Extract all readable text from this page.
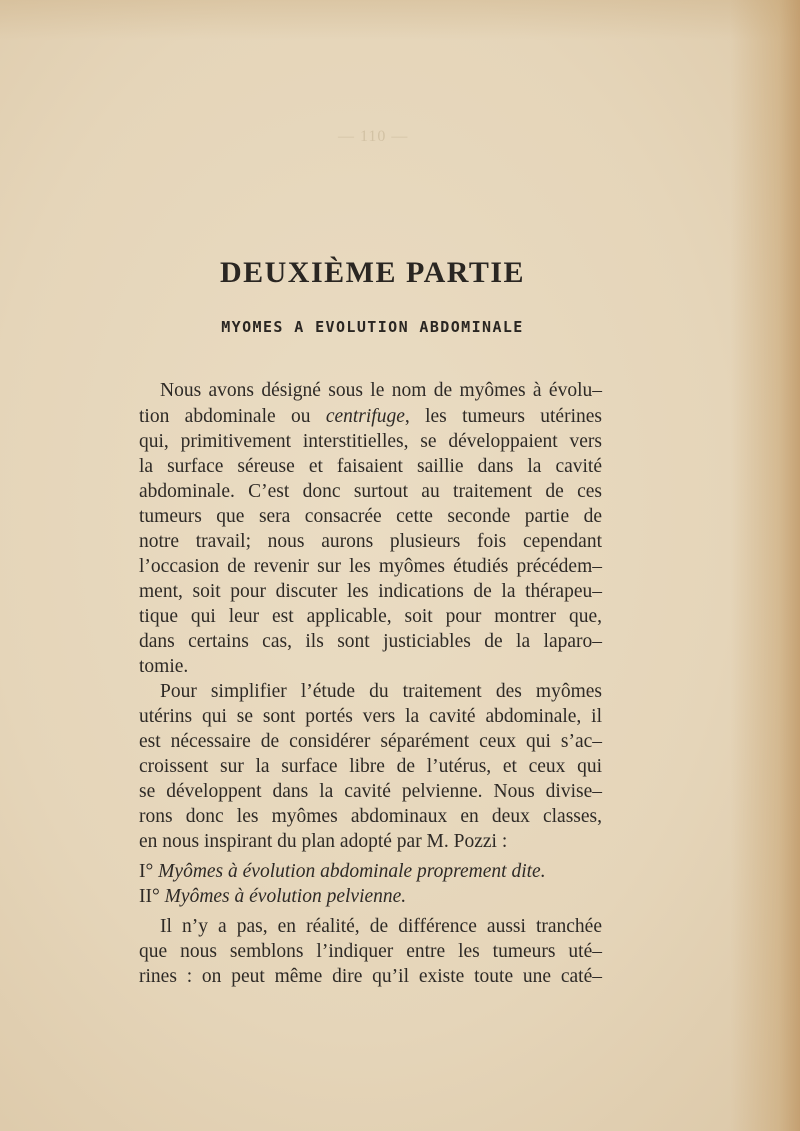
— 110 —
DEUXIÈME PARTIE
MYOMES A EVOLUTION ABDOMINALE
Nous avons désigné sous le nom de myômes à évolu–
tion abdominale ou centrifuge, les tumeurs utérines
qui, primitivement interstitielles, se développaient vers
la surface séreuse et faisaient saillie dans la cavité
abdominale. C’est donc surtout au traitement de ces
tumeurs que sera consacrée cette seconde partie de
notre travail; nous aurons plusieurs fois cependant
l’occasion de revenir sur les myômes étudiés précédem–
ment, soit pour discuter les indications de la thérapeu–
tique qui leur est applicable, soit pour montrer que,
dans certains cas, ils sont justiciables de la laparo–
tomie.
Pour simplifier l’étude du traitement des myômes
utérins qui se sont portés vers la cavité abdominale, il
est nécessaire de considérer séparément ceux qui s’ac–
croissent sur la surface libre de l’utérus, et ceux qui
se développent dans la cavité pelvienne. Nous divise–
rons donc les myômes abdominaux en deux classes,
en nous inspirant du plan adopté par M. Pozzi :
I° Myômes à évolution abdominale proprement dite.
II° Myômes à évolution pelvienne.
Il n’y a pas, en réalité, de différence aussi tranchée
que nous semblons l’indiquer entre les tumeurs uté–
rines : on peut même dire qu’il existe toute une caté–
